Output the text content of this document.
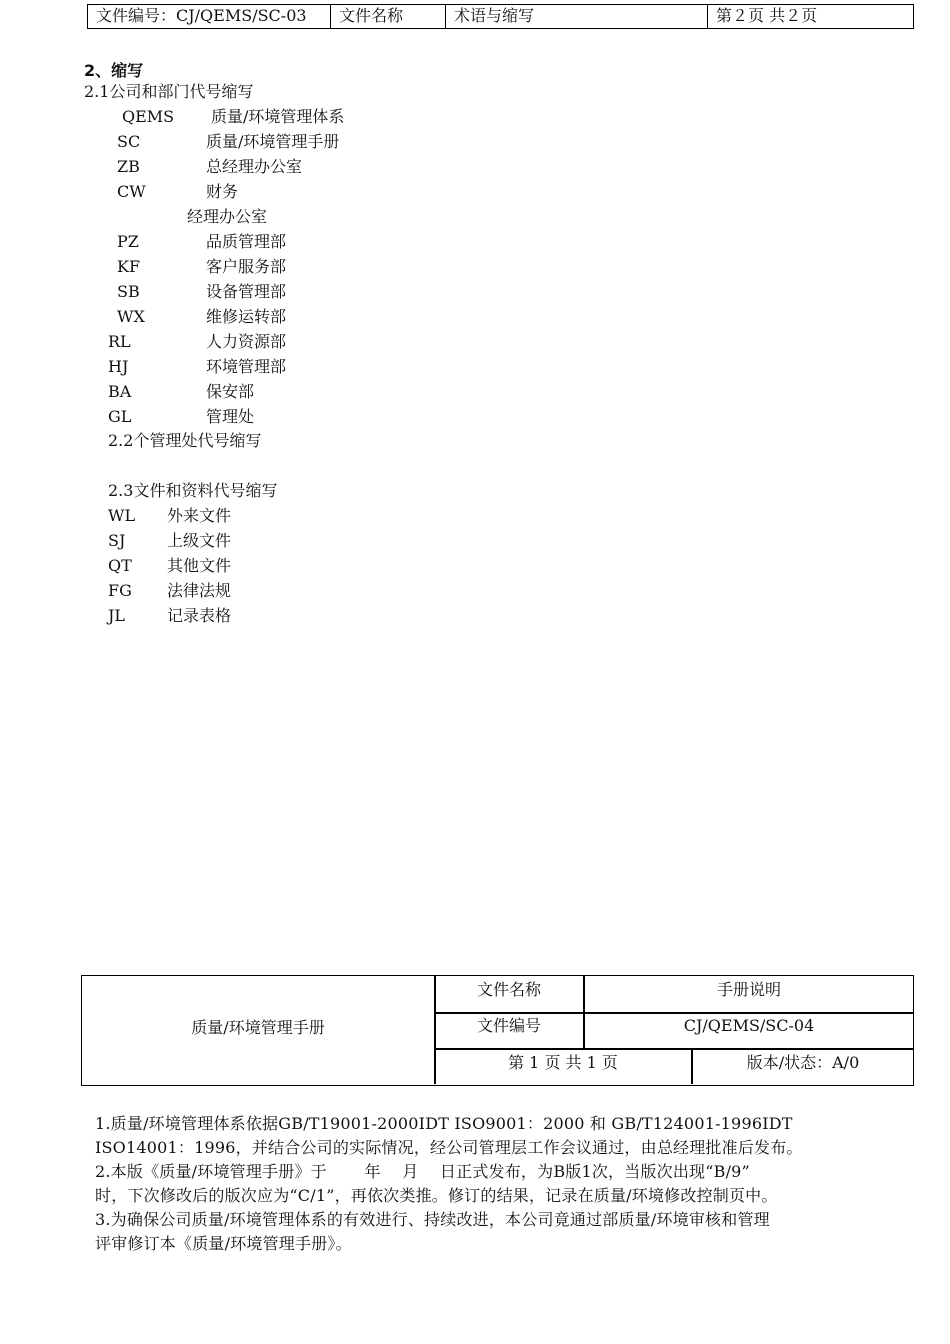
文件编号：CJ/QEMS/SC-03	文件名称	术语与缩写	第２页 共２页
2、缩写
2.1公司和部门代号缩写
QEMS 质量/环境管理体系
SC	质量/环境管理手册
ZB	总经理办公室
CW	财务
经理办公室
PZ	品质管理部
KF	客户服务部
SB	设备管理部
WX	维修运转部
RL	人力资源部
HJ	环境管理部
BA	保安部
GL	管理处
2.2个管理处代号缩写
2.3文件和资料代号缩写
WL 外来文件
SJ	上级文件
QT 其他文件
FG 法律法规
JL	记录表格
质量/环境管理手册
文件名称	手册说明
文件编号	CJ/QEMS/SC-04
第 1 页 共 1 页	版本/状态：A/0
1.质量/环境管理体系依据GB/T19001-2000IDT ISO9001：2000 和 GB/T124001-1996IDT
ISO14001：1996，并结合公司的实际情况，经公司管理层工作会议通过，由总经理批准后发布。
2.本版《质量/环境管理手册》于　　 年　 月　 日正式发布，为B版1次，当版次出现“B/9”
时，下次修改后的版次应为“C/1”，再依次类推。修订的结果，记录在质量/环境修改控制页中。
3.为确保公司质量/环境管理体系的有效进行、持续改进，本公司竟通过部质量/环境审核和管理
评审修订本《质量/环境管理手册》。
